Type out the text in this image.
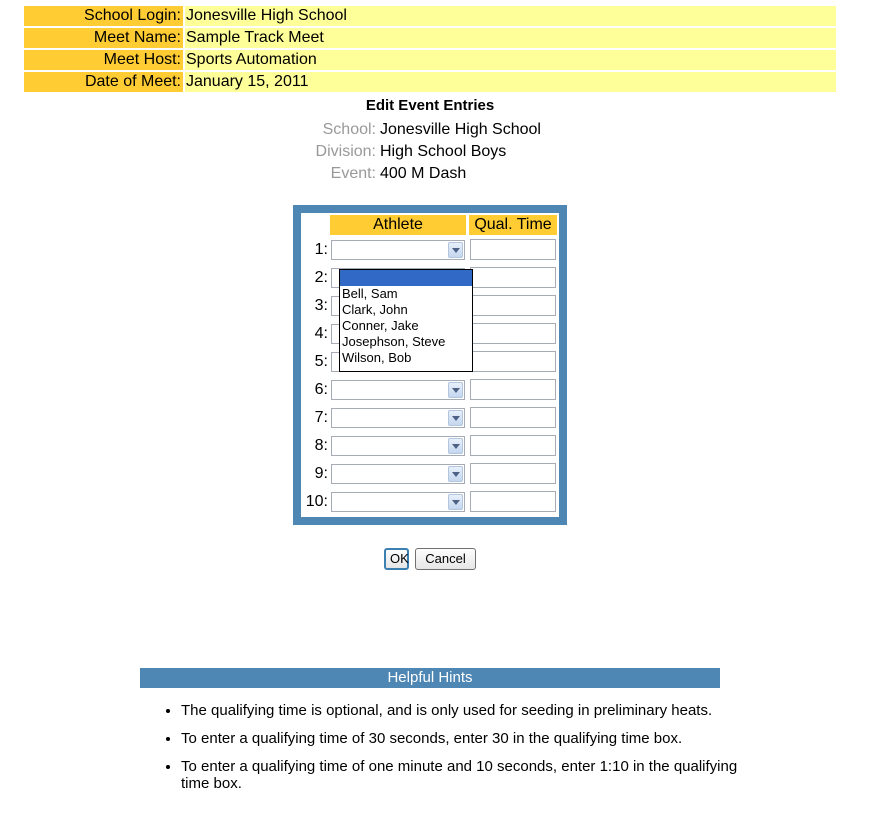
School Login: Jonesville High School
Meet Name: Sample Track Meet
Meet Host: Sports Automation
Date of Meet: January 15, 2011
Edit Event Entries
School: Jonesville High School
Division: High School Boys
Event: 400 M Dash
Athlete	Qual. Time
1:
2:
3:
4:
5:
6:
7:
8:
9:
10:
Bell, Sam
Clark, John
Conner, Jake
Josephson, Steve
Wilson, Bob
OK	Cancel
Helpful Hints
• The qualifying time is optional, and is only used for seeding in preliminary heats.
• To enter a qualifying time of 30 seconds, enter 30 in the qualifying time box.
• To enter a qualifying time of one minute and 10 seconds, enter 1:10 in the qualifying time box.
